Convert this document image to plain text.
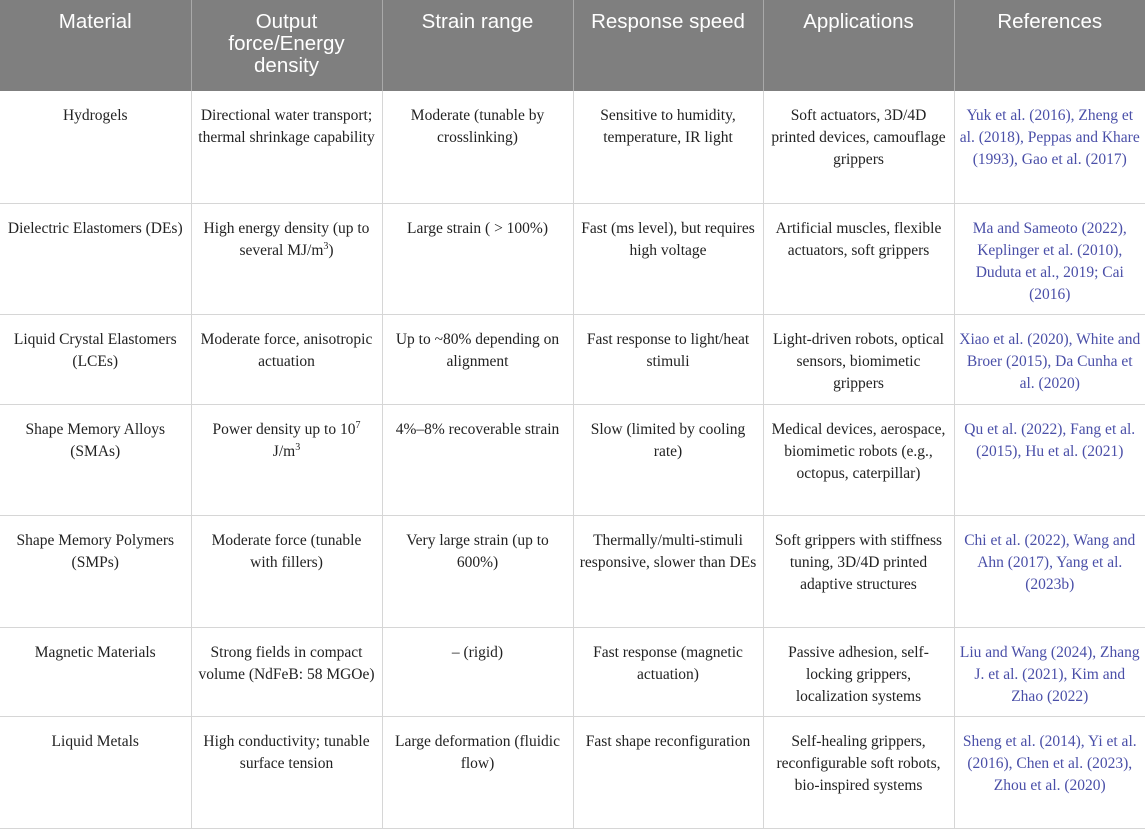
Material	Output force/Energy density	Strain range	Response speed	Applications	References
Hydrogels	Directional water transport; thermal shrinkage capability	Moderate (tunable by crosslinking)	Sensitive to humidity, temperature, IR light	Soft actuators, 3D/4D printed devices, camouflage grippers	Yuk et al. (2016), Zheng et al. (2018), Peppas and Khare (1993), Gao et al. (2017)
Dielectric Elastomers (DEs)	High energy density (up to several $MJ/m^3$)	Large strain ( > 100%)	Fast (ms level), but requires high voltage	Artificial muscles, flexible actuators, soft grippers	Ma and Sameoto (2022), Keplinger et al. (2010), Duduta et al., 2019; Cai (2016)
Liquid Crystal Elastomers (LCEs)	Moderate force, anisotropic actuation	Up to ~80% depending on alignment	Fast response to light/heat stimuli	Light-driven robots, optical sensors, biomimetic grippers	Xiao et al. (2020), White and Broer (2015), Da Cunha et al. (2020)
Shape Memory Alloys (SMAs)	Power density up to $10^7$ $J/m^3$	4%–8% recoverable strain	Slow (limited by cooling rate)	Medical devices, aerospace, biomimetic robots (e.g., octopus, caterpillar)	Qu et al. (2022), Fang et al. (2015), Hu et al. (2021)
Shape Memory Polymers (SMPs)	Moderate force (tunable with fillers)	Very large strain (up to 600%)	Thermally/multi-stimuli responsive, slower than DEs	Soft grippers with stiffness tuning, 3D/4D printed adaptive structures	Chi et al. (2022), Wang and Ahn (2017), Yang et al. (2023b)
Magnetic Materials	Strong fields in compact volume (NdFeB: 58 MGOe)	– (rigid)	Fast response (magnetic actuation)	Passive adhesion, self-locking grippers, localization systems	Liu and Wang (2024), Zhang J. et al. (2021), Kim and Zhao (2022)
Liquid Metals	High conductivity; tunable surface tension	Large deformation (fluidic flow)	Fast shape reconfiguration	Self-healing grippers, reconfigurable soft robots, bio-inspired systems	Sheng et al. (2014), Yi et al. (2016), Chen et al. (2023), Zhou et al. (2020)
